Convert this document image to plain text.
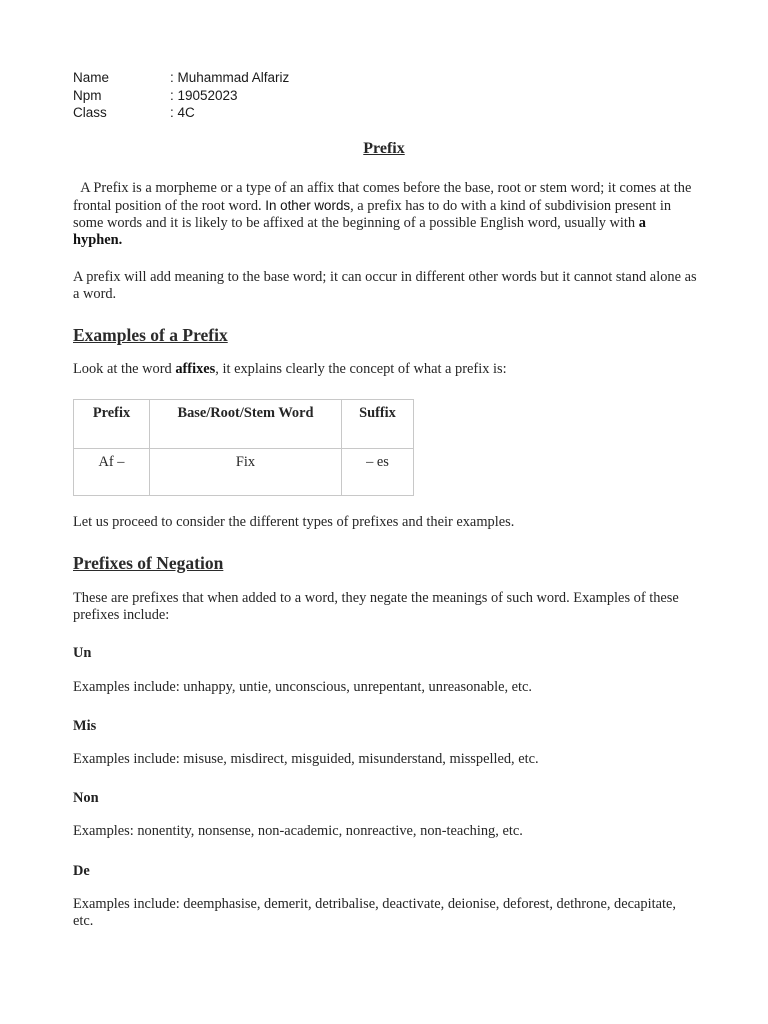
Name	: Muhammad Alfariz
Npm	: 19052023
Class	: 4C
Prefix
A Prefix is a morpheme or a type of an affix that comes before the base, root or stem word; it comes at the frontal position of the root word. In other words, a prefix has to do with a kind of subdivision present in some words and it is likely to be affixed at the beginning of a possible English word, usually with a hyphen.
A prefix will add meaning to the base word; it can occur in different other words but it cannot stand alone as a word.
Examples of a Prefix
Look at the word affixes, it explains clearly the concept of what a prefix is:
Prefix	Base/Root/Stem Word	Suffix
Af –	Fix	– es
Let us proceed to consider the different types of prefixes and their examples.
Prefixes of Negation
These are prefixes that when added to a word, they negate the meanings of such word. Examples of these prefixes include:
Un
Examples include: unhappy, untie, unconscious, unrepentant, unreasonable, etc.
Mis
Examples include: misuse, misdirect, misguided, misunderstand, misspelled, etc.
Non
Examples: nonentity, nonsense, non-academic, nonreactive, non-teaching, etc.
De
Examples include: deemphasise, demerit, detribalise, deactivate, deionise, deforest, dethrone, decapitate, etc.
